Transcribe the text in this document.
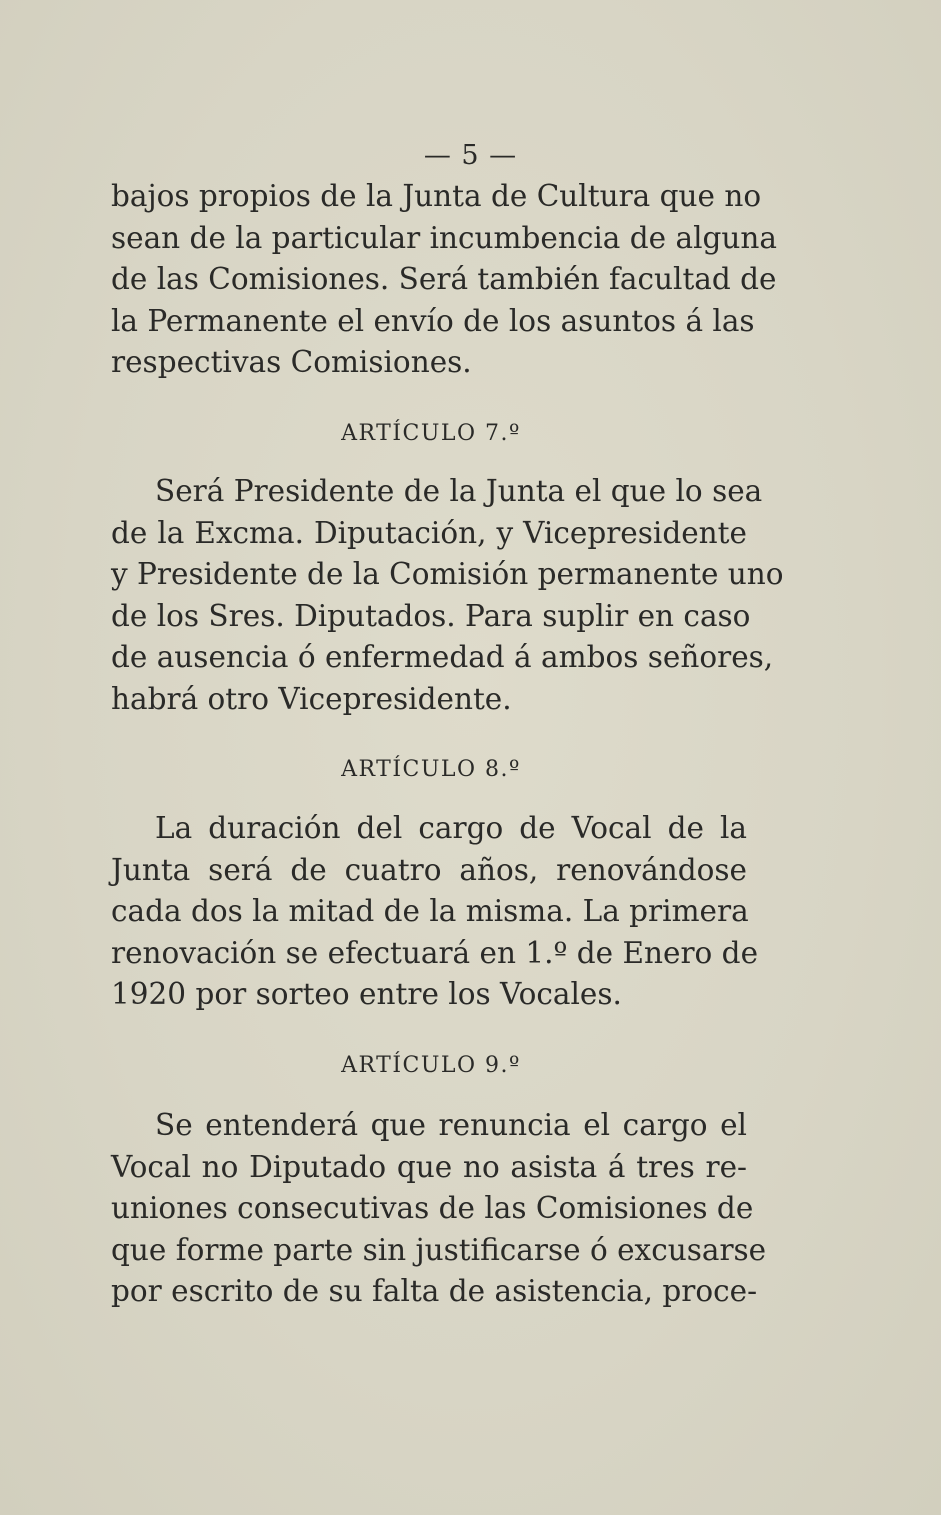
— 5 —
bajos propios de la Junta de Cultura que no
sean de la particular incumbencia de alguna
de las Comisiones. Será también facultad de
la Permanente el envío de los asuntos á las
respectivas Comisiones.
ARTÍCULO 7.º
Será Presidente de la Junta el que lo sea
de la Excma. Diputación, y Vicepresidente
y Presidente de la Comisión permanente uno
de los Sres. Diputados. Para suplir en caso
de ausencia ó enfermedad á ambos señores,
habrá otro Vicepresidente.
ARTÍCULO 8.º
La duración del cargo de Vocal de la
Junta será de cuatro años, renovándose
cada dos la mitad de la misma. La primera
renovación se efectuará en 1.º de Enero de
1920 por sorteo entre los Vocales.
ARTÍCULO 9.º
Se entenderá que renuncia el cargo el
Vocal no Diputado que no asista á tres re-
uniones consecutivas de las Comisiones de
que forme parte sin justificarse ó excusarse
por escrito de su falta de asistencia, proce-
